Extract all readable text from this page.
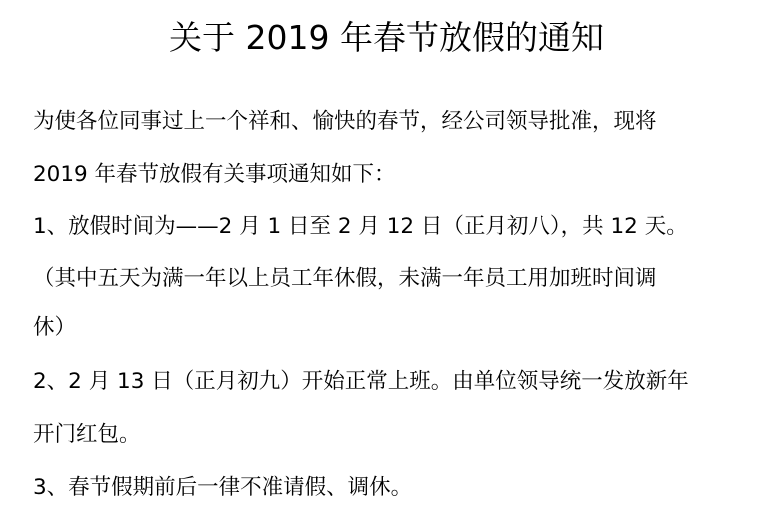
关于 2019 年春节放假的通知
为使各位同事过上一个祥和、愉快的春节，经公司领导批准，现将
2019 年春节放假有关事项通知如下：
1、放假时间为——2 月 1 日至 2 月 12 日（正月初八），共 12 天。
（其中五天为满一年以上员工年休假，未满一年员工用加班时间调
休）
2、2 月 13 日（正月初九）开始正常上班。由单位领导统一发放新年
开门红包。
3、春节假期前后一律不准请假、调休。
